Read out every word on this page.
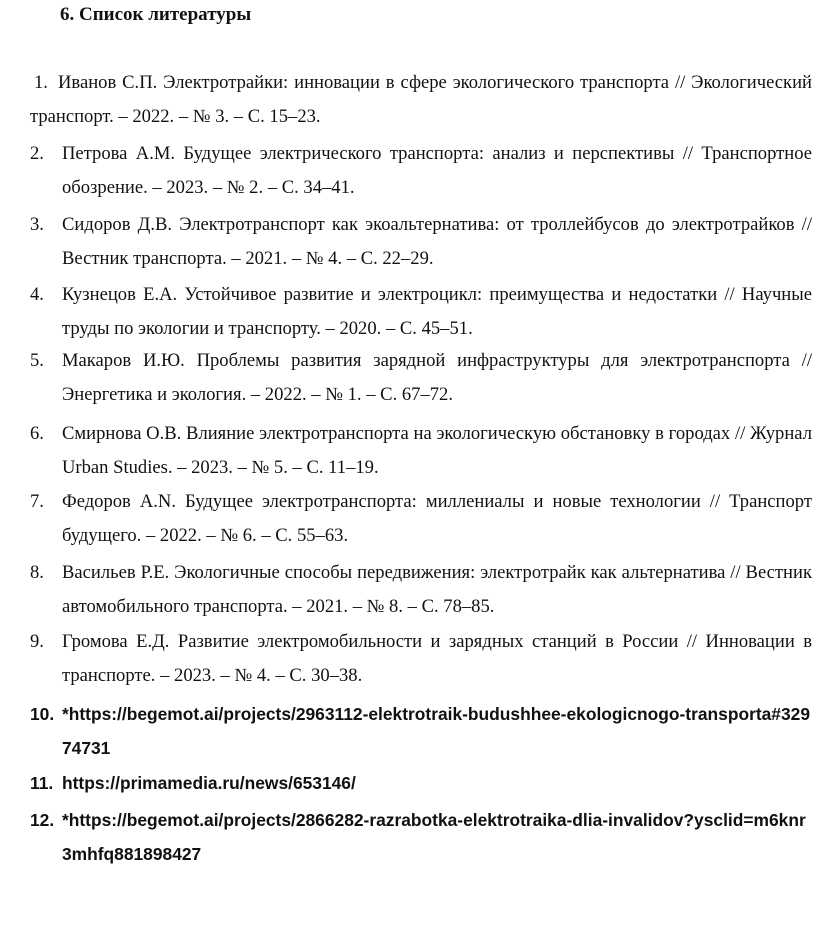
6. Список литературы
1. Иванов С.П. Электротрайки: инновации в сфере экологического транспорта // Экологический транспорт. – 2022. – № 3. – С. 15–23.
2. Петрова А.М. Будущее электрического транспорта: анализ и перспективы // Транспортное обозрение. – 2023. – № 2. – С. 34–41.
3. Сидоров Д.В. Электротранспорт как экоальтернатива: от троллейбусов до электротрайков // Вестник транспорта. – 2021. – № 4. – С. 22–29.
4. Кузнецов Е.А. Устойчивое развитие и электроцикл: преимущества и недостатки // Научные труды по экологии и транспорту. – 2020. – С. 45–51.
5. Макаров И.Ю. Проблемы развития зарядной инфраструктуры для электротранспорта // Энергетика и экология. – 2022. – № 1. – С. 67–72.
6. Смирнова О.В. Влияние электротранспорта на экологическую обстановку в городах // Журнал Urban Studies. – 2023. – № 5. – С. 11–19.
7. Федоров А.N. Будущее электротранспорта: миллениалы и новые технологии // Транспорт будущего. – 2022. – № 6. – С. 55–63.
8. Васильев Р.Е. Экологичные способы передвижения: электротрайк как альтернатива // Вестник автомобильного транспорта. – 2021. – № 8. – С. 78–85.
9. Громова Е.Д. Развитие электромобильности и зарядных станций в России // Инновации в транспорте. – 2023. – № 4. – С. 30–38.
10. *https://begemot.ai/projects/2963112-elektrotraik-budushhee-ekologicnogo-transporta#32974731
11. https://primamedia.ru/news/653146/
12. *https://begemot.ai/projects/2866282-razrabotka-elektrotraika-dlia-invalidov?ysclid=m6knr3mhfq881898427
